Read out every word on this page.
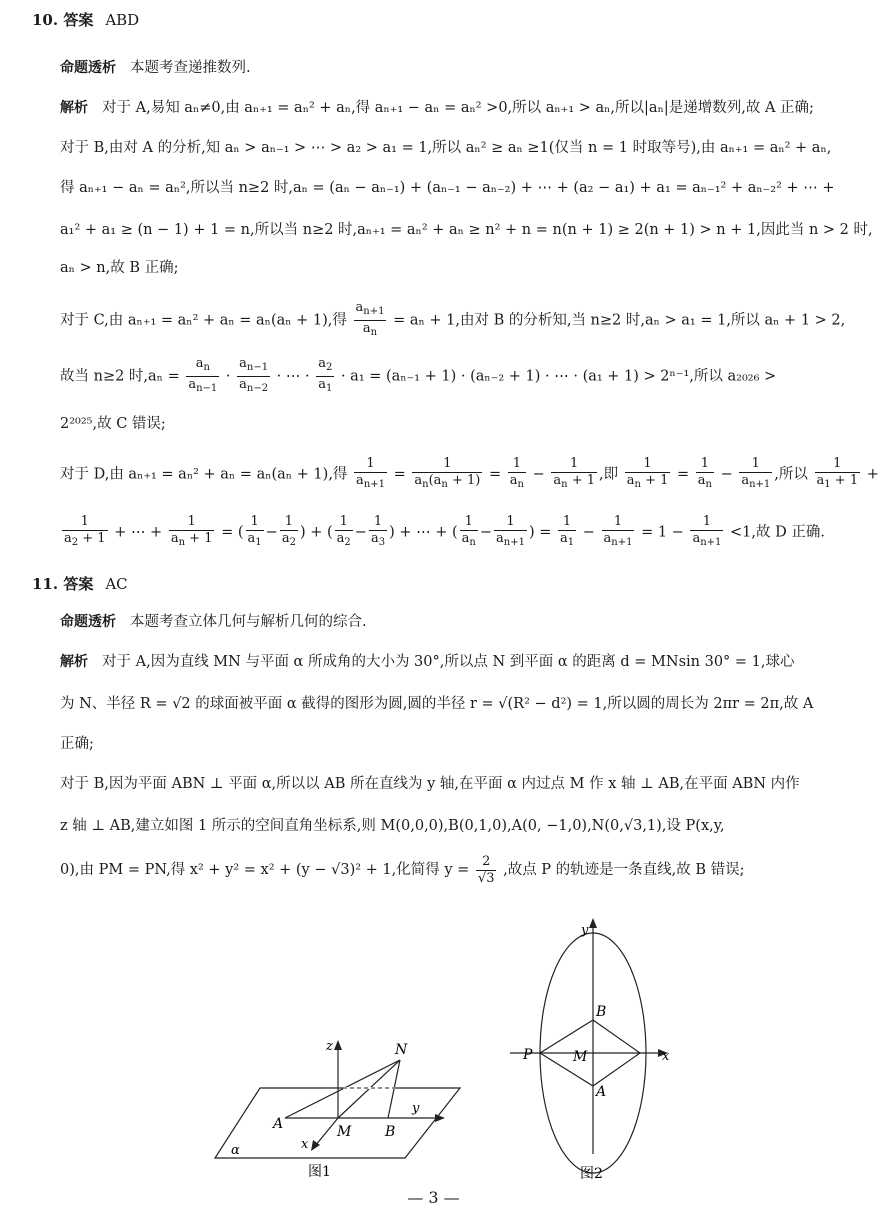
10. 答案 ABD
命题透析 本题考查递推数列.
解析 对于 A,易知 aₙ≠0,由 aₙ₊₁ = aₙ² + aₙ,得 aₙ₊₁ − aₙ = aₙ² >0,所以 aₙ₊₁ > aₙ,所以|aₙ|是递增数列,故 A 正确;
对于 B,由对 A 的分析,知 aₙ > aₙ₋₁ > ⋯ > a₂ > a₁ = 1,所以 aₙ² ≥ aₙ ≥1(仅当 n = 1 时取等号),由 aₙ₊₁ = aₙ² + aₙ,
得 aₙ₊₁ − aₙ = aₙ²,所以当 n≥2 时,aₙ = (aₙ − aₙ₋₁) + (aₙ₋₁ − aₙ₋₂) + ⋯ + (a₂ − a₁) + a₁ = aₙ₋₁² + aₙ₋₂² + ⋯ +
a₁² + a₁ ≥ (n − 1) + 1 = n,所以当 n≥2 时,aₙ₊₁ = aₙ² + aₙ ≥ n² + n = n(n + 1) ≥ 2(n + 1) > n + 1,因此当 n > 2 时,
aₙ > n,故 B 正确;
对于 C,由 aₙ₊₁ = aₙ² + aₙ = aₙ(aₙ + 1),得 $\frac{a_{n+1}}{a_n} = a_n + 1$,由对 B 的分析知,当 n≥2 时,aₙ > a₁ = 1,所以 aₙ + 1 > 2,
故当 n≥2 时$,a_n = \frac{a_n}{a_{n-1}} \cdot \frac{a_{n-1}}{a_{n-2}}$ · ⋯ · $\frac{a_2}{a_1} \cdot a_1 = (a_{n-1} + 1) \cdot (a_{n-2} + 1)$ · ⋯ · (a₁ + 1) > 2ⁿ⁻¹,所以 a₂₀₂₆ >
2²⁰²⁵,故 C 错误;
对于 D,由 aₙ₊₁ = aₙ² + aₙ = aₙ(aₙ + 1),得 $\frac{1}{a_{n+1}} = \frac{1}{a_n(a_n + 1)} = \frac{1}{a_n} - \frac{1}{a_n + 1}$ ,即 $\frac{1}{a_n + 1} = \frac{1}{a_n} - \frac{1}{a_{n+1}}$ ,所以 $\frac{1}{a_1 + 1}$ +
$\frac{1}{a_2 + 1}$ + ⋯ + $\frac{1}{a_n + 1}$ = ( $\frac{1}{a_1} - \frac{1}{a_2}$ ) + ( $\frac{1}{a_2} - \frac{1}{a_3}$ ) + ⋯ + ( $\frac{1}{a_n} - \frac{1}{a_{n+1}}$ ) = $\frac{1}{a_1} - \frac{1}{a_{n+1}} = 1 - \frac{1}{a_{n+1}} <1$,故 D 正确.
11. 答案 AC
命题透析 本题考查立体几何与解析几何的综合.
解析 对于 A,因为直线 MN 与平面 α 所成角的大小为 30°,所以点 N 到平面 α 的距离 d = MNsin 30° = 1,球心
为 N、半径 R = √2 的球面被平面 α 截得的图形为圆,圆的半径 r = √(R² − d²) = 1,所以圆的周长为 2πr = 2π,故 A
正确;
对于 B,因为平面 ABN ⊥ 平面 α,所以以 AB 所在直线为 y 轴,在平面 α 内过点 M 作 x 轴 ⊥ AB,在平面 ABN 内作
z 轴 ⊥ AB,建立如图 1 所示的空间直角坐标系,则 M(0,0,0),B(0,1,0),A(0, −1,0),N(0,√3,1),设 P(x,y,
0),由 PM = PN,得 x² + y² = x² + (y − √3)² + 1,化简得 $y = \frac{2}{√3}$ ,故点 P 的轨迹是一条直线,故 B 错误;
z	N
y
A	M B
x
α
图1
y
B
P	M	x
A
图2
— 3 —
